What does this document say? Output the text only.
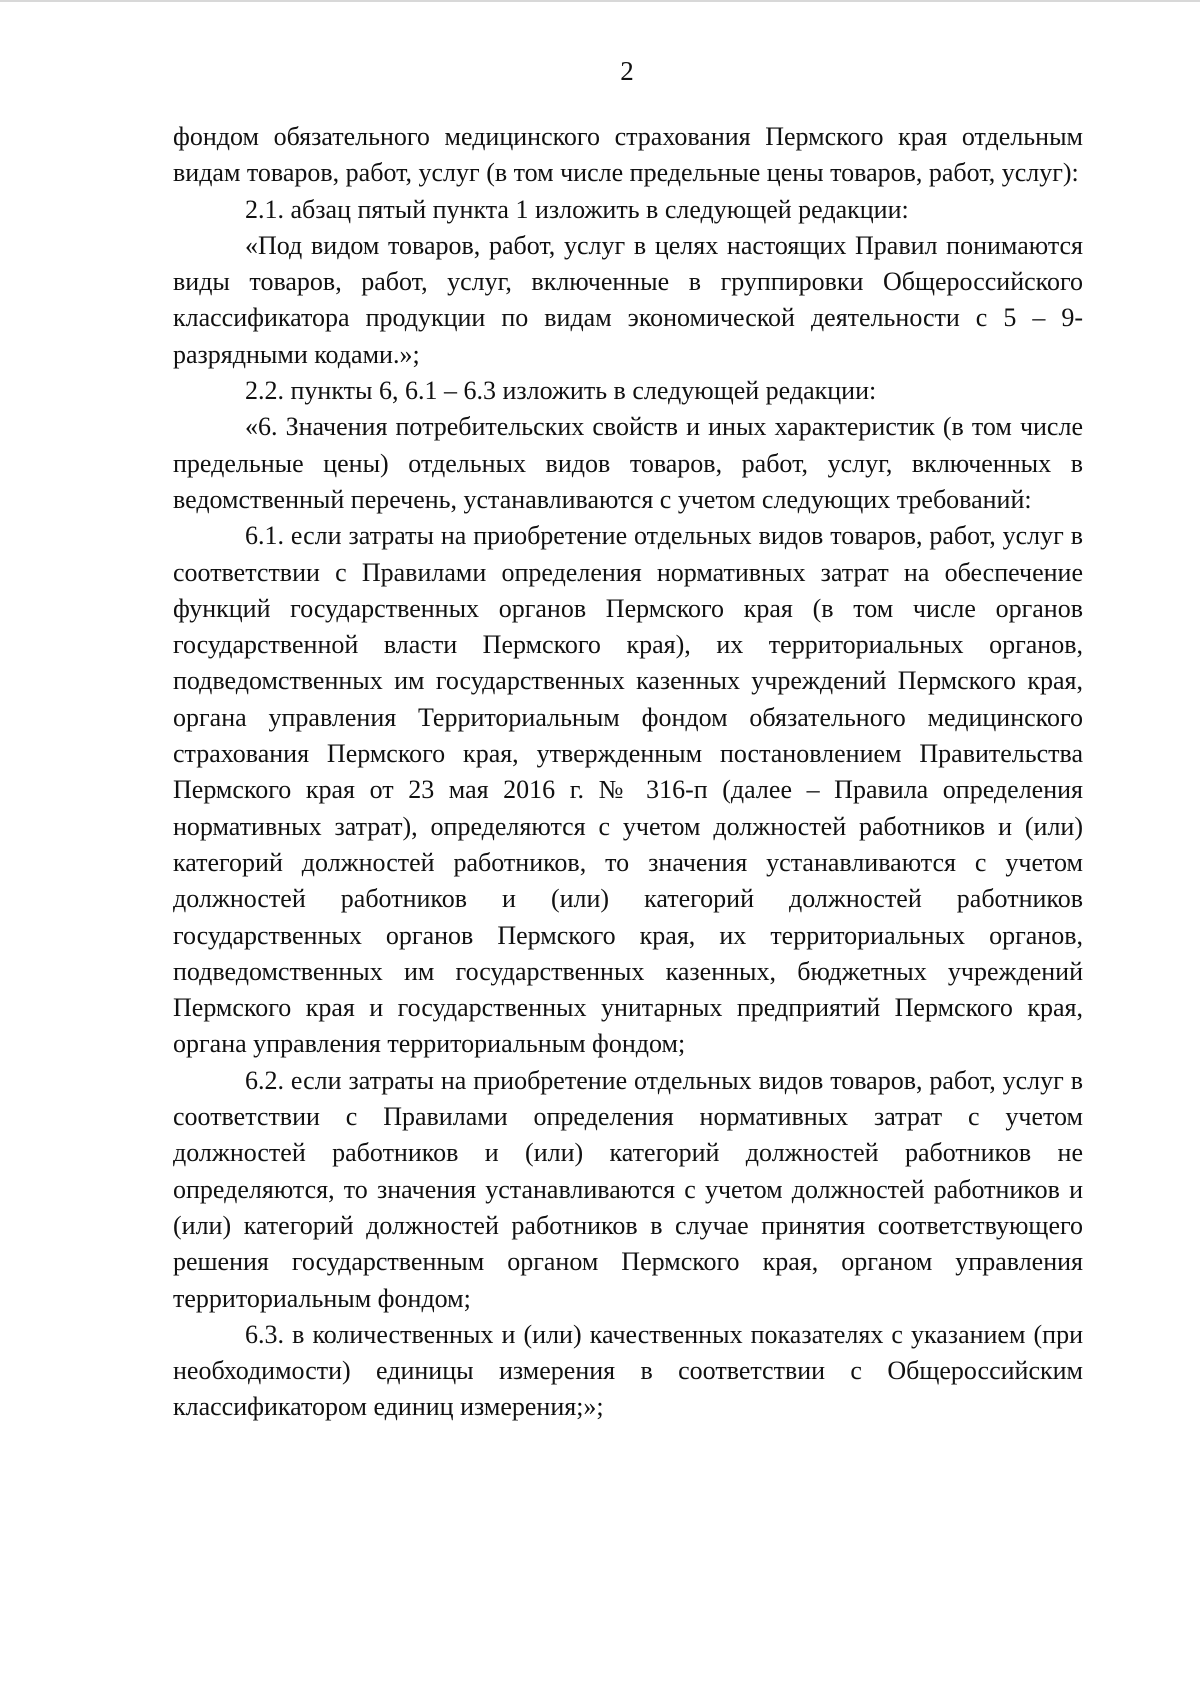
2

фондом обязательного медицинского страхования Пермского края отдельным видам товаров, работ, услуг (в том числе предельные цены товаров, работ, услуг):

2.1. абзац пятый пункта 1 изложить в следующей редакции:

«Под видом товаров, работ, услуг в целях настоящих Правил понимаются виды товаров, работ, услуг, включенные в группировки Общероссийского классификатора продукции по видам экономической деятельности с 5 – 9-разрядными кодами.»;

2.2. пункты 6, 6.1 – 6.3 изложить в следующей редакции:

«6. Значения потребительских свойств и иных характеристик (в том числе предельные цены) отдельных видов товаров, работ, услуг, включенных в ведомственный перечень, устанавливаются с учетом следующих требований:

6.1. если затраты на приобретение отдельных видов товаров, работ, услуг в соответствии с Правилами определения нормативных затрат на обеспечение функций государственных органов Пермского края (в том числе органов государственной власти Пермского края), их территориальных органов, подведомственных им государственных казенных учреждений Пермского края, органа управления Территориальным фондом обязательного медицинского страхования Пермского края, утвержденным постановлением Правительства Пермского края от 23 мая 2016 г. № 316-п (далее – Правила определения нормативных затрат), определяются с учетом должностей работников и (или) категорий должностей работников, то значения устанавливаются с учетом должностей работников и (или) категорий должностей работников государственных органов Пермского края, их территориальных органов, подведомственных им государственных казенных, бюджетных учреждений Пермского края и государственных унитарных предприятий Пермского края, органа управления территориальным фондом;

6.2. если затраты на приобретение отдельных видов товаров, работ, услуг в соответствии с Правилами определения нормативных затрат с учетом должностей работников и (или) категорий должностей работников не определяются, то значения устанавливаются с учетом должностей работников и (или) категорий должностей работников в случае принятия соответствующего решения государственным органом Пермского края, органом управления территориальным фондом;

6.3. в количественных и (или) качественных показателях с указанием (при необходимости) единицы измерения в соответствии с Общероссийским классификатором единиц измерения;»;
